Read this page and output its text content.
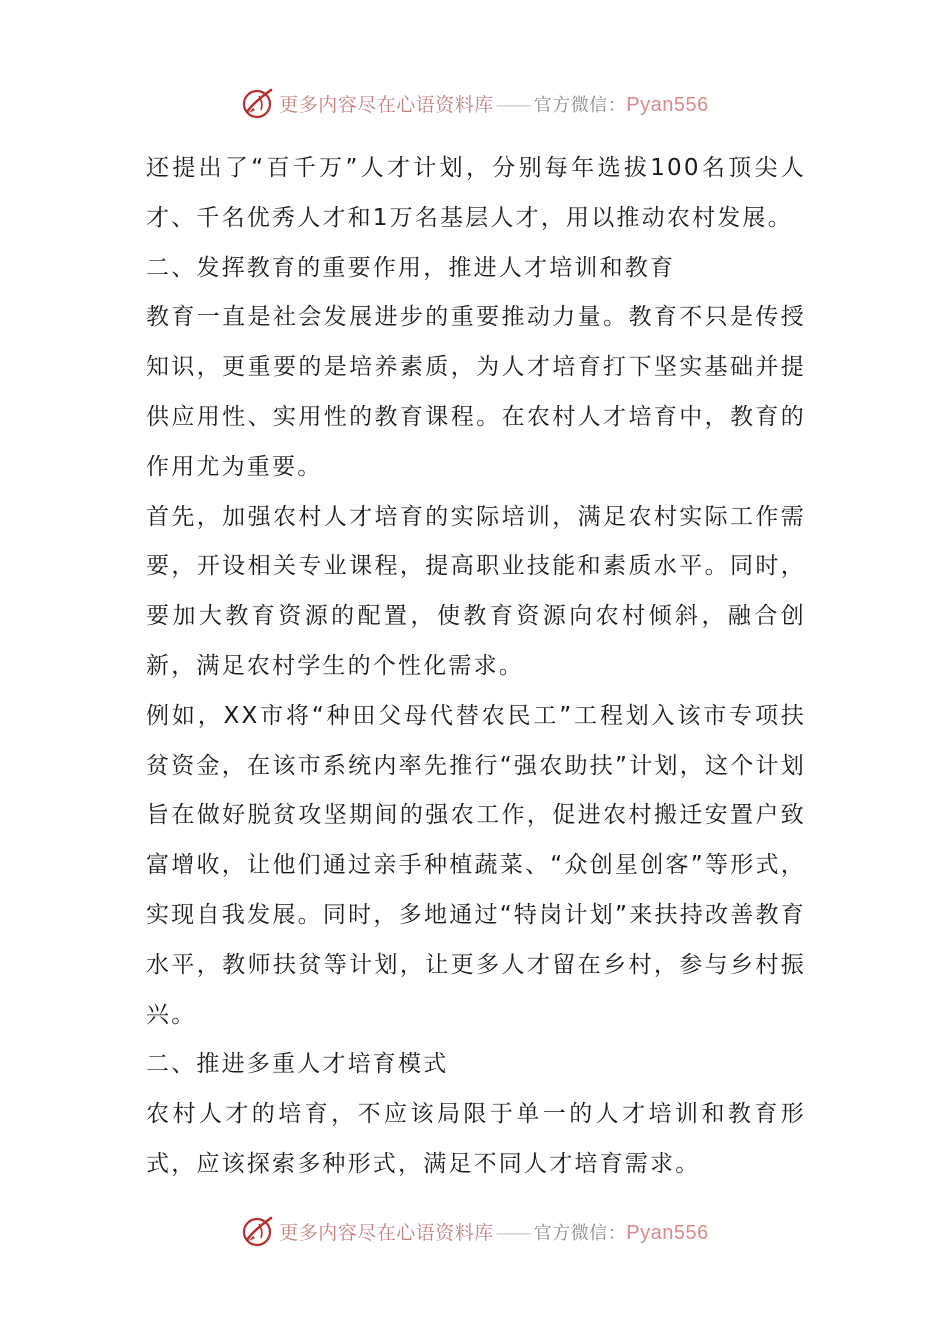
更多内容尽在心语资料库 —— 官方微信：Pyan556

还提出了“百千万”人才计划，分别每年选拔100名顶尖人才、千名优秀人才和1万名基层人才，用以推动农村发展。

二、发挥教育的重要作用，推进人才培训和教育

教育一直是社会发展进步的重要推动力量。教育不只是传授知识，更重要的是培养素质，为人才培育打下坚实基础并提供应用性、实用性的教育课程。在农村人才培育中，教育的作用尤为重要。

首先，加强农村人才培育的实际培训，满足农村实际工作需要，开设相关专业课程，提高职业技能和素质水平。同时，要加大教育资源的配置，使教育资源向农村倾斜，融合创新，满足农村学生的个性化需求。

例如，XX市将“种田父母代替农民工”工程划入该市专项扶贫资金，在该市系统内率先推行“强农助扶”计划，这个计划旨在做好脱贫攻坚期间的强农工作，促进农村搬迁安置户致富增收，让他们通过亲手种植蔬菜、“众创星创客”等形式，实现自我发展。同时，多地通过“特岗计划”来扶持改善教育水平，教师扶贫等计划，让更多人才留在乡村，参与乡村振兴。

二、推进多重人才培育模式

农村人才的培育，不应该局限于单一的人才培训和教育形式，应该探索多种形式，满足不同人才培育需求。

更多内容尽在心语资料库 —— 官方微信：Pyan556
